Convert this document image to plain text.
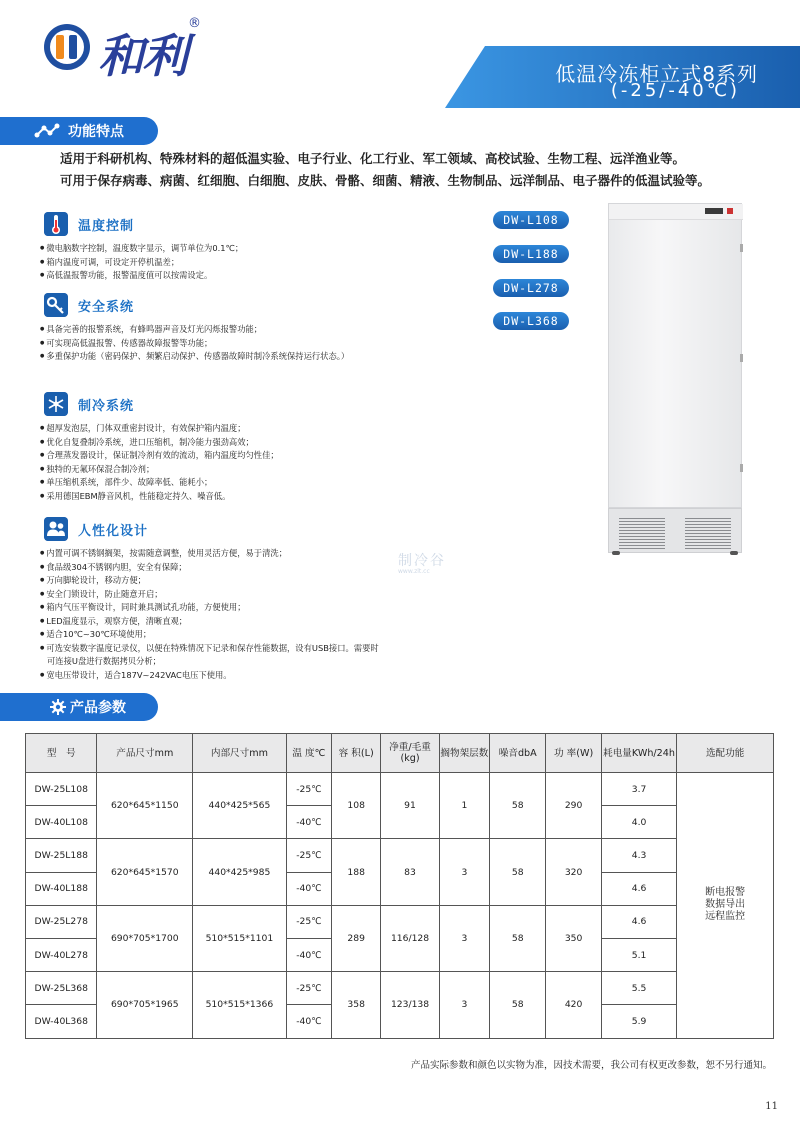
和利
®
低温冷冻柜立式8系列
(-25/-40℃)
功能特点
适用于科研机构、特殊材料的超低温实验、电子行业、化工行业、军工领域、高校试验、生物工程、远洋渔业等。
可用于保存病毒、病菌、红细胞、白细胞、皮肤、骨骼、细菌、精液、生物制品、远洋制品、电子器件的低温试验等。
温度控制
● 微电脑数字控制，温度数字显示，调节单位为0.1℃；
● 箱内温度可调，可设定开停机温差；
● 高低温报警功能，报警温度值可以按需设定。
安全系统
● 具备完善的报警系统，有蜂鸣器声音及灯光闪烁报警功能；
● 可实现高低温报警、传感器故障报警等功能；
● 多重保护功能（密码保护、频繁启动保护、传感器故障时制冷系统保持运行状态。）
制冷系统
● 超厚发泡层，门体双重密封设计，有效保护箱内温度；
● 优化自复叠制冷系统，进口压缩机，制冷能力强劲高效；
● 合理蒸发器设计，保证制冷剂有效的流动，箱内温度均匀性佳；
● 独特的无氟环保混合制冷剂；
● 单压缩机系统，部件少、故障率低、能耗小；
● 采用德国EBM静音风机，性能稳定持久、噪音低。
人性化设计
● 内置可调不锈钢搁架，按需随意调整，使用灵活方便，易于清洗；
● 食品级304不锈钢内胆，安全有保障；
● 万向脚轮设计，移动方便；
● 安全门锁设计，防止随意开启；
● 箱内气压平衡设计，同时兼具测试孔功能，方便使用；
● LED温度显示，观察方便，清晰直观；
● 适合10℃~30℃环境使用；
● 可选安装数字温度记录仪，以便在特殊情况下记录和保存性能数据，设有USB接口。需要时可连接U盘进行数据拷贝分析；
● 宽电压带设计，适合187V~242VAC电压下使用。
DW-L108
DW-L188
DW-L278
DW-L368
制冷谷
www.zlt.cc
产品参数
型　号	产品尺寸mm	内部尺寸mm	温 度℃	容 积(L)	净重/毛重(kg)	搁物架层数	噪音dbA	功 率(W)	耗电量KWh/24h	选配功能
DW-25L108	620*645*1150	440*425*565	-25℃	108	91	1	58	290	3.7	断电报警
数据导出
远程监控
DW-40L108			-40℃						4.0	
DW-25L188	620*645*1570	440*425*985	-25℃	188	83	3	58	320	4.3	
DW-40L188			-40℃						4.6	
DW-25L278	690*705*1700	510*515*1101	-25℃	289	116/128	3	58	350	4.6	
DW-40L278			-40℃						5.1	
DW-25L368	690*705*1965	510*515*1366	-25℃	358	123/138	3	58	420	5.5	
DW-40L368			-40℃						5.9	
产品实际参数和颜色以实物为准，因技术需要，我公司有权更改参数，恕不另行通知。
11
